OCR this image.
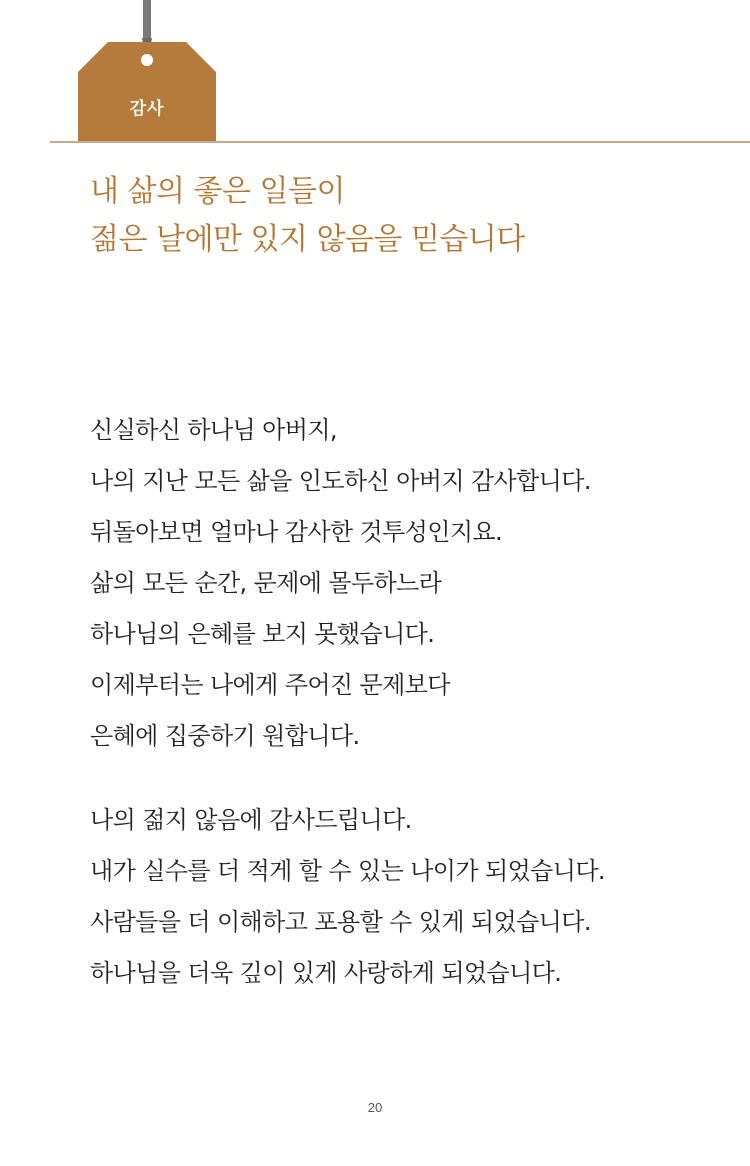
감사
내 삶의 좋은 일들이
젊은 날에만 있지 않음을 믿습니다

신실하신 하나님 아버지,
나의 지난 모든 삶을 인도하신 아버지 감사합니다.
뒤돌아보면 얼마나 감사한 것투성인지요.
삶의 모든 순간, 문제에 몰두하느라
하나님의 은혜를 보지 못했습니다.
이제부터는 나에게 주어진 문제보다
은혜에 집중하기 원합니다.

나의 젊지 않음에 감사드립니다.
내가 실수를 더 적게 할 수 있는 나이가 되었습니다.
사람들을 더 이해하고 포용할 수 있게 되었습니다.
하나님을 더욱 깊이 있게 사랑하게 되었습니다.

20
